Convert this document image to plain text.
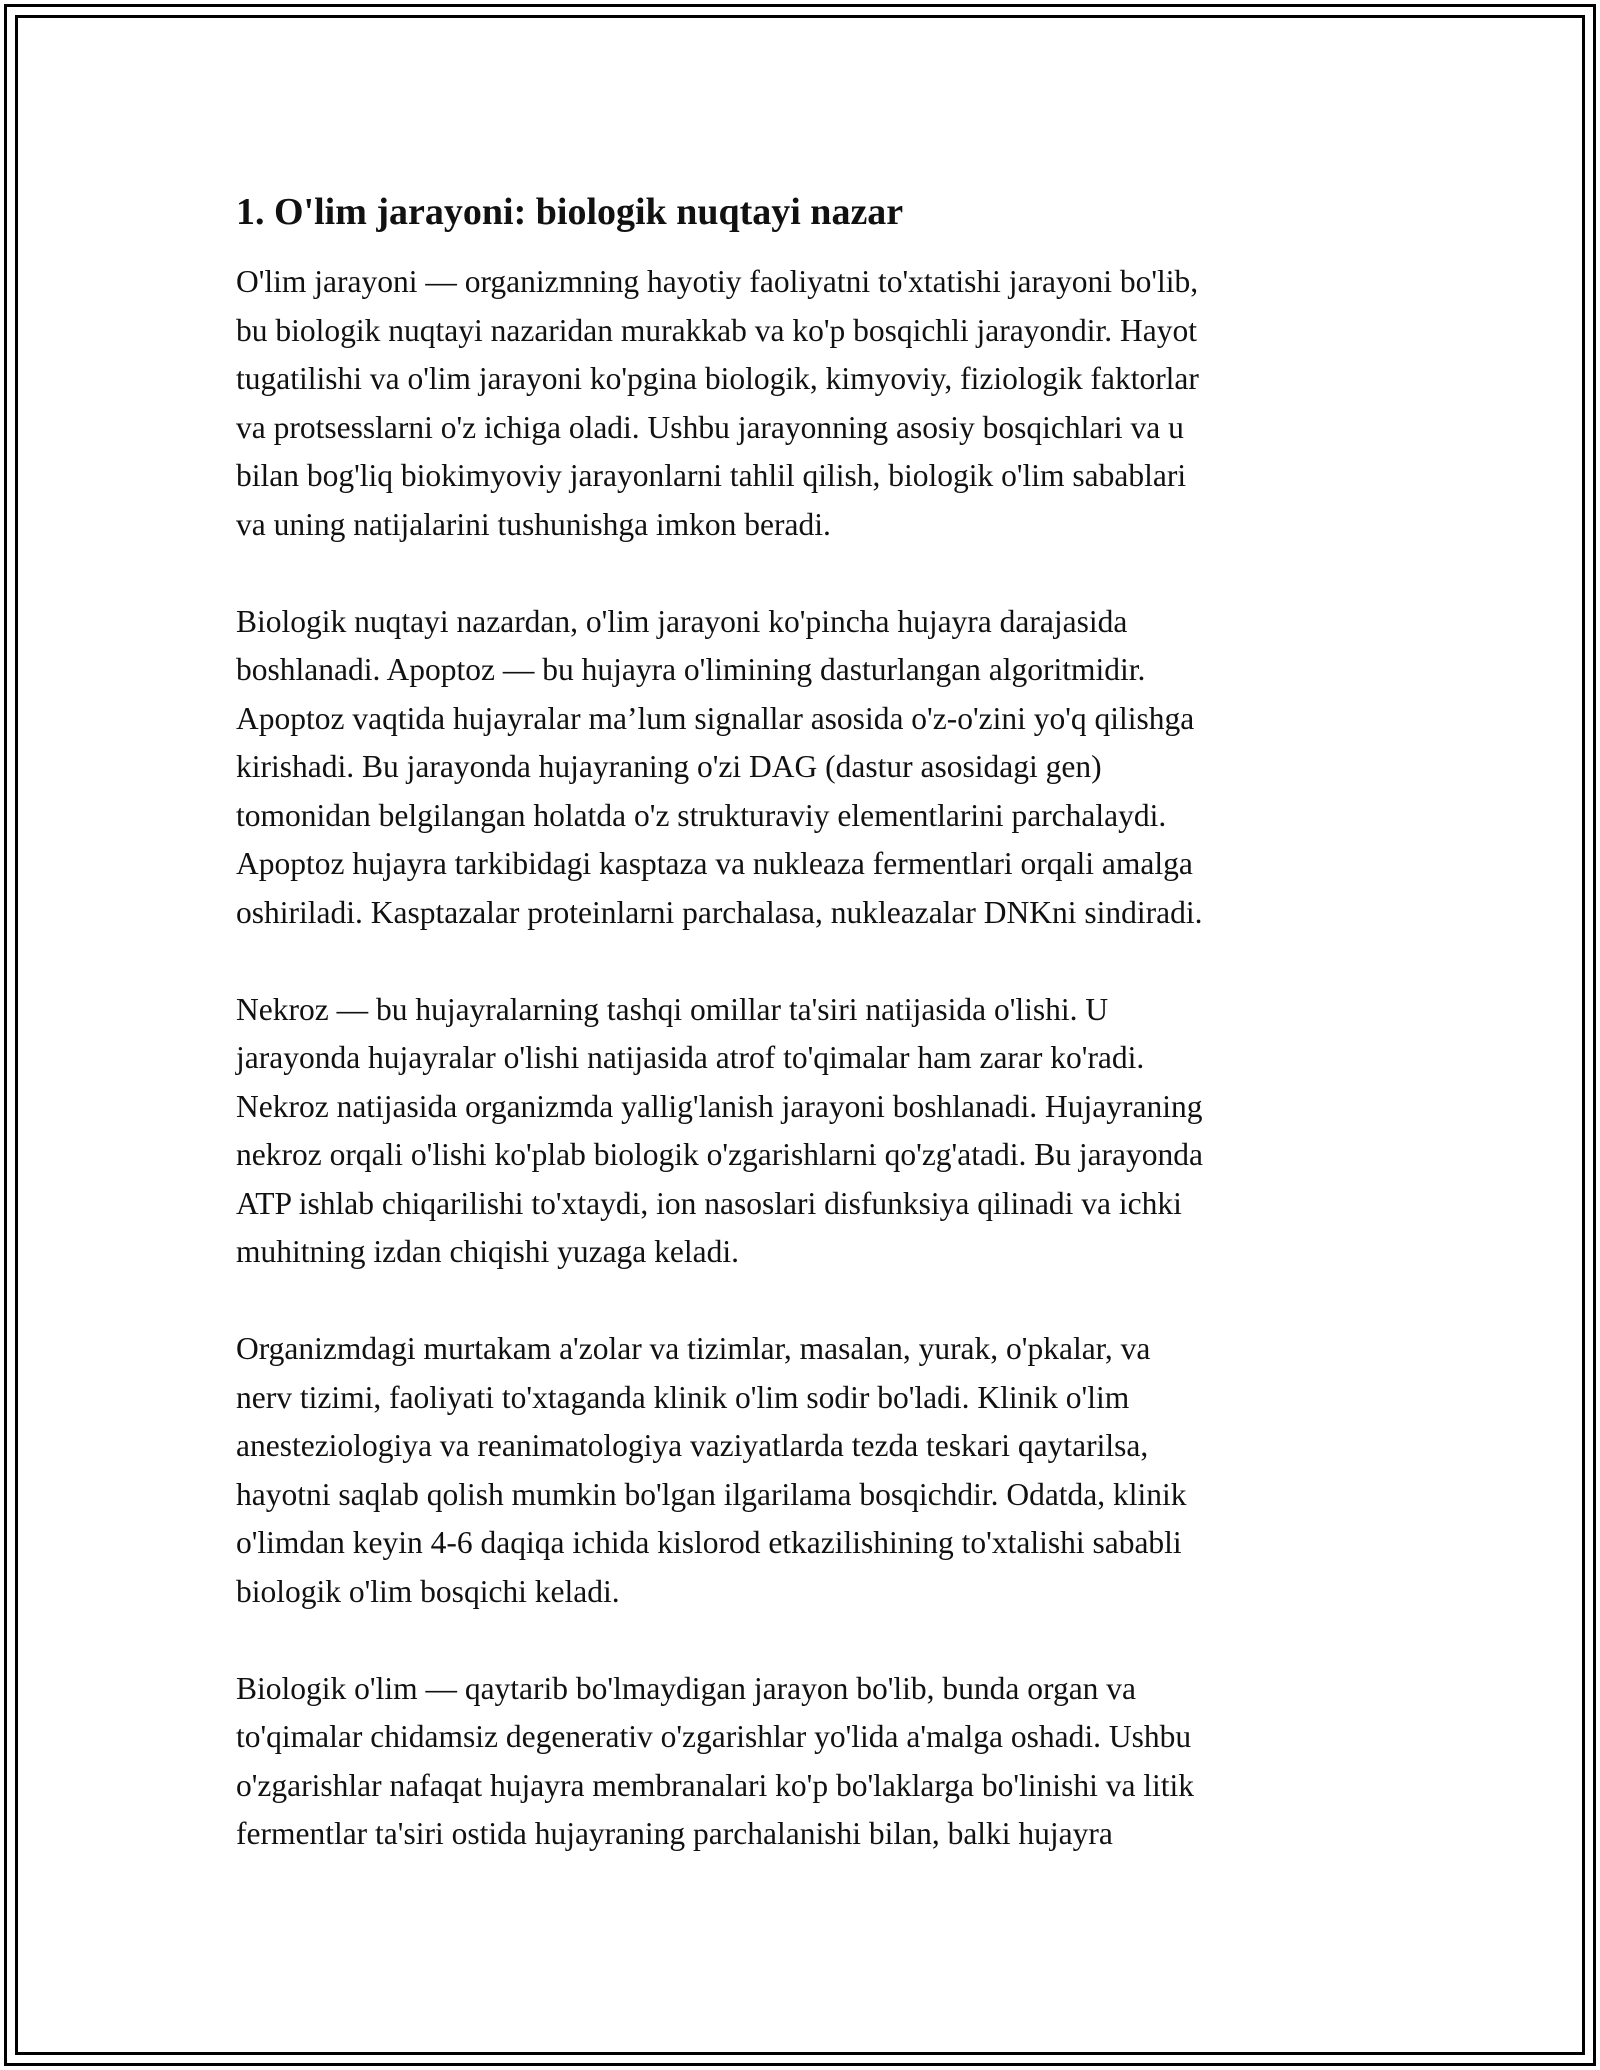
1. O'lim jarayoni: biologik nuqtayi nazar

O'lim jarayoni — organizmning hayotiy faoliyatni to'xtatishi jarayoni bo'lib,
bu biologik nuqtayi nazaridan murakkab va ko'p bosqichli jarayondir. Hayot
tugatilishi va o'lim jarayoni ko'pgina biologik, kimyoviy, fiziologik faktorlar
va protsesslarni o'z ichiga oladi. Ushbu jarayonning asosiy bosqichlari va u
bilan bog'liq biokimyoviy jarayonlarni tahlil qilish, biologik o'lim sabablari
va uning natijalarini tushunishga imkon beradi.

Biologik nuqtayi nazardan, o'lim jarayoni ko'pincha hujayra darajasida
boshlanadi. Apoptoz — bu hujayra o'limining dasturlangan algoritmidir.
Apoptoz vaqtida hujayralar ma’lum signallar asosida o'z-o'zini yo'q qilishga
kirishadi. Bu jarayonda hujayraning o'zi DAG (dastur asosidagi gen)
tomonidan belgilangan holatda o'z strukturaviy elementlarini parchalaydi.
Apoptoz hujayra tarkibidagi kasptaza va nukleaza fermentlari orqali amalga
oshiriladi. Kasptazalar proteinlarni parchalasa, nukleazalar DNKni sindiradi.

Nekroz — bu hujayralarning tashqi omillar ta'siri natijasida o'lishi. U
jarayonda hujayralar o'lishi natijasida atrof to'qimalar ham zarar ko'radi.
Nekroz natijasida organizmda yallig'lanish jarayoni boshlanadi. Hujayraning
nekroz orqali o'lishi ko'plab biologik o'zgarishlarni qo'zg'atadi. Bu jarayonda
ATP ishlab chiqarilishi to'xtaydi, ion nasoslari disfunksiya qilinadi va ichki
muhitning izdan chiqishi yuzaga keladi.

Organizmdagi murtakam a'zolar va tizimlar, masalan, yurak, o'pkalar, va
nerv tizimi, faoliyati to'xtaganda klinik o'lim sodir bo'ladi. Klinik o'lim
anesteziologiya va reanimatologiya vaziyatlarda tezda teskari qaytarilsa,
hayotni saqlab qolish mumkin bo'lgan ilgarilama bosqichdir. Odatda, klinik
o'limdan keyin 4-6 daqiqa ichida kislorod etkazilishining to'xtalishi sababli
biologik o'lim bosqichi keladi.

Biologik o'lim — qaytarib bo'lmaydigan jarayon bo'lib, bunda organ va
to'qimalar chidamsiz degenerativ o'zgarishlar yo'lida a'malga oshadi. Ushbu
o'zgarishlar nafaqat hujayra membranalari ko'p bo'laklarga bo'linishi va litik
fermentlar ta'siri ostida hujayraning parchalanishi bilan, balki hujayra
